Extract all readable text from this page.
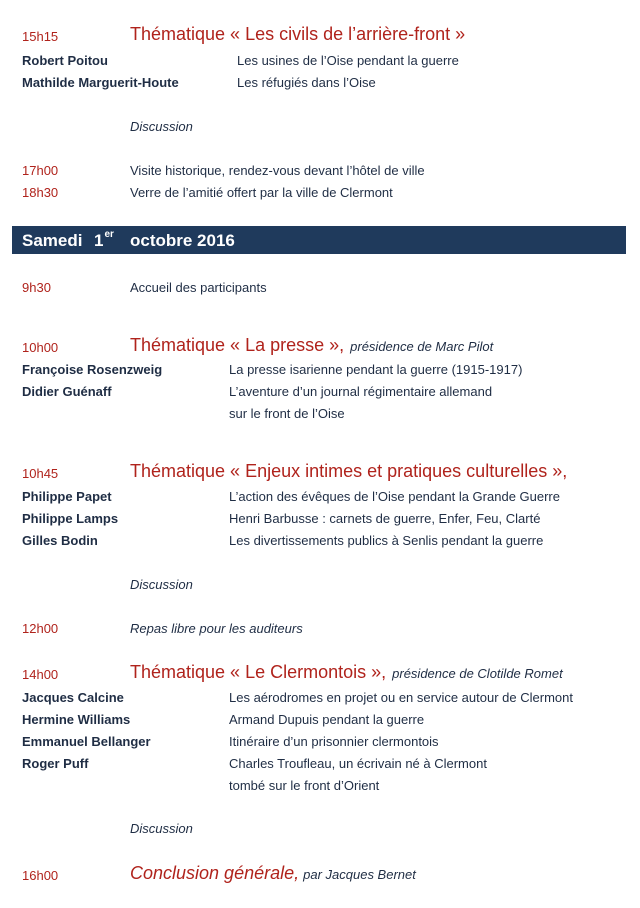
15h15	Thématique « Les civils de l’arrière-front »
Robert Poitou	Les usines de l’Oise pendant la guerre
Mathilde Marguerit-Houte	Les réfugiés dans l’Oise
Discussion
17h00	Visite historique, rendez-vous devant l’hôtel de ville
18h30	Verre de l’amitié offert par la ville de Clermont
Samedi 1er octobre 2016
9h30	Accueil des participants
10h00	Thématique « La presse », présidence de Marc Pilot
Françoise Rosenzweig	La presse isarienne pendant la guerre (1915-1917)
Didier Guénaff	L’aventure d’un journal régimentaire allemand
sur le front de l’Oise
10h45	Thématique « Enjeux intimes et pratiques culturelles »,
Philippe Papet	L’action des évêques de l’Oise pendant la Grande Guerre
Philippe Lamps	Henri Barbusse : carnets de guerre, Enfer, Feu, Clarté
Gilles Bodin	Les divertissements publics à Senlis pendant la guerre
Discussion
12h00	Repas libre pour les auditeurs
14h00	Thématique « Le Clermontois », présidence de Clotilde Romet
Jacques Calcine	Les aérodromes en projet ou en service autour de Clermont
Hermine Williams	Armand Dupuis pendant la guerre
Emmanuel Bellanger	Itinéraire d’un prisonnier clermontois
Roger Puff	Charles Troufleau, un écrivain né à Clermont
tombé sur le front d’Orient
Discussion
16h00	Conclusion générale, par Jacques Bernet
